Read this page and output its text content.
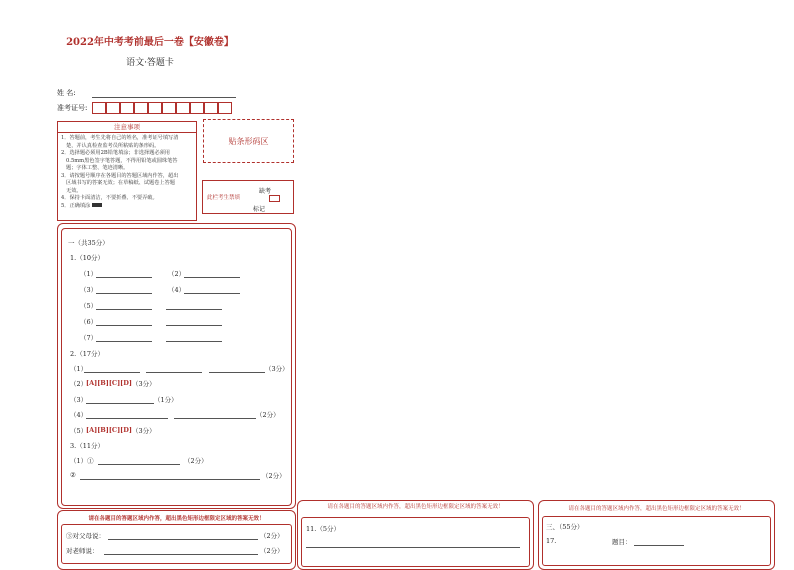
2022年中考考前最后一卷【安徽卷】
语文·答题卡
姓 名:
准考证号:
注意事项
1．答题前，考生先将自己的姓名，准考证号填写清
楚，并认真检查监考员所粘贴的条形码。
2．选择题必须用2B铅笔填涂；非选择题必须用
0.5mm黑色签字笔答题，不得用铅笔或圆珠笔答
题；字体工整、笔迹清晰。
3．请按题号顺序在各题目的答题区域内作答，超出
区域书写的答案无效；在草稿纸、试题卷上答题
无效。
4．保持卡面清洁，不要折叠、不要弄破。
5．正确填涂
贴条形码区
此栏考生禁填
缺考
标记
一（共35分）
1.（10分）
（1）	（2）
（3）	（4）
（5）
（6）
（7）
2.（17分）
（1）	（3分）
（2）
[A][B][C][D] （3分）
（3）	（1分）
（4）	（2分）
（5）
[A][B][C][D] （3分）
3.（11分）
（1）①	（2分）
②	（2分）
请在各题目的答题区域内作答，超出黑色矩形边框限定区域的答案无效！
③对父母说：	（2分）
对老师说：	（2分）
请在各题目的答题区域内作答，超出黑色矩形边框限定区域的答案无效！
11.（5分）
请在各题目的答题区域内作答，超出黑色矩形边框限定区域的答案无效！
三、（55分）
17.	题目：
